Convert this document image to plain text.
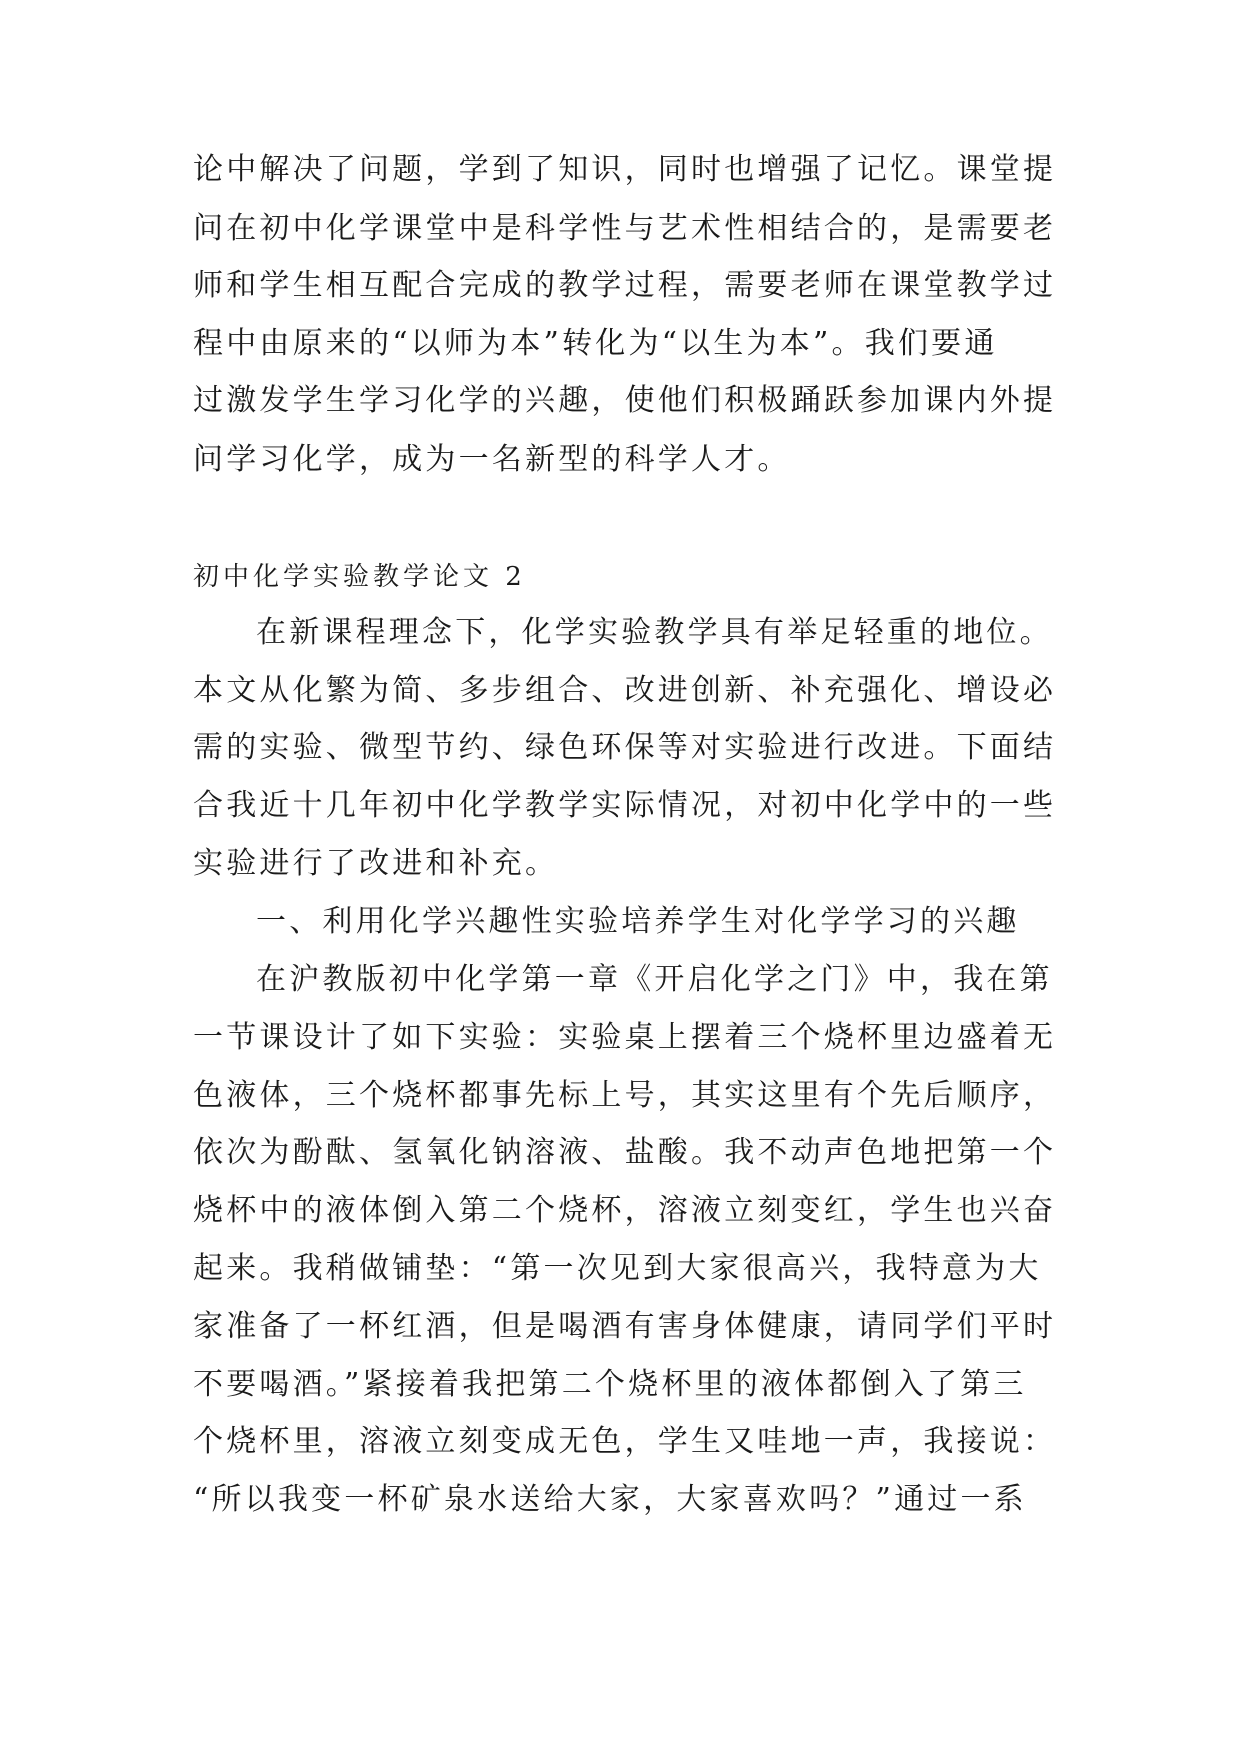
论中解决了问题，学到了知识，同时也增强了记忆。课堂提
问在初中化学课堂中是科学性与艺术性相结合的，是需要老
师和学生相互配合完成的教学过程，需要老师在课堂教学过
程中由原来的“以师为本”转化为“以生为本”。我们要通
过激发学生学习化学的兴趣，使他们积极踊跃参加课内外提
问学习化学，成为一名新型的科学人才。
初中化学实验教学论文 2
在新课程理念下，化学实验教学具有举足轻重的地位。
本文从化繁为简、多步组合、改进创新、补充强化、增设必
需的实验、微型节约、绿色环保等对实验进行改进。下面结
合我近十几年初中化学教学实际情况，对初中化学中的一些
实验进行了改进和补充。
一、利用化学兴趣性实验培养学生对化学学习的兴趣
在沪教版初中化学第一章《开启化学之门》中，我在第
一节课设计了如下实验：实验桌上摆着三个烧杯里边盛着无
色液体，三个烧杯都事先标上号，其实这里有个先后顺序，
依次为酚酞、氢氧化钠溶液、盐酸。我不动声色地把第一个
烧杯中的液体倒入第二个烧杯，溶液立刻变红，学生也兴奋
起来。我稍做铺垫：“第一次见到大家很高兴，我特意为大
家准备了一杯红酒，但是喝酒有害身体健康，请同学们平时
不要喝酒。”紧接着我把第二个烧杯里的液体都倒入了第三
个烧杯里，溶液立刻变成无色，学生又哇地一声，我接说：
“所以我变一杯矿泉水送给大家，大家喜欢吗？”通过一系
